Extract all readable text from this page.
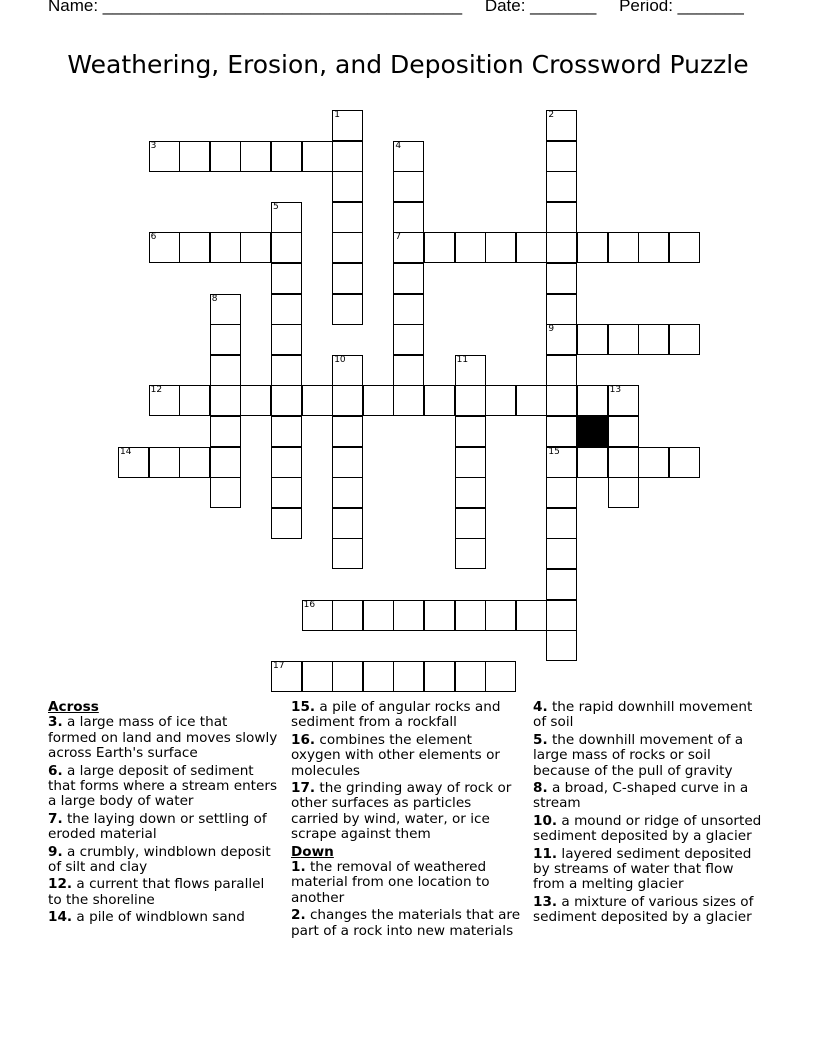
Name: ______________________________________ Date: _______ Period: _______
Weathering, Erosion, and Deposition Crossword Puzzle
1	2
9
15
3	4
7
5
6
8
10	11
12	13
14
16
17
Across
3. a large mass of ice that formed on land and moves slowly across Earth's surface
6. a large deposit of sediment that forms where a stream enters a large body of water
7. the laying down or settling of eroded material
9. a crumbly, windblown deposit of silt and clay
12. a current that flows parallel to the shoreline
14. a pile of windblown sand
15. a pile of angular rocks and sediment from a rockfall
16. combines the element oxygen with other elements or molecules
17. the grinding away of rock or other surfaces as particles carried by wind, water, or ice scrape against them
Down
1. the removal of weathered material from one location to another
2. changes the materials that are part of a rock into new materials
4. the rapid downhill movement of soil
5. the downhill movement of a large mass of rocks or soil because of the pull of gravity
8. a broad, C-shaped curve in a stream
10. a mound or ridge of unsorted sediment deposited by a glacier
11. layered sediment deposited by streams of water that flow from a melting glacier
13. a mixture of various sizes of sediment deposited by a glacier
